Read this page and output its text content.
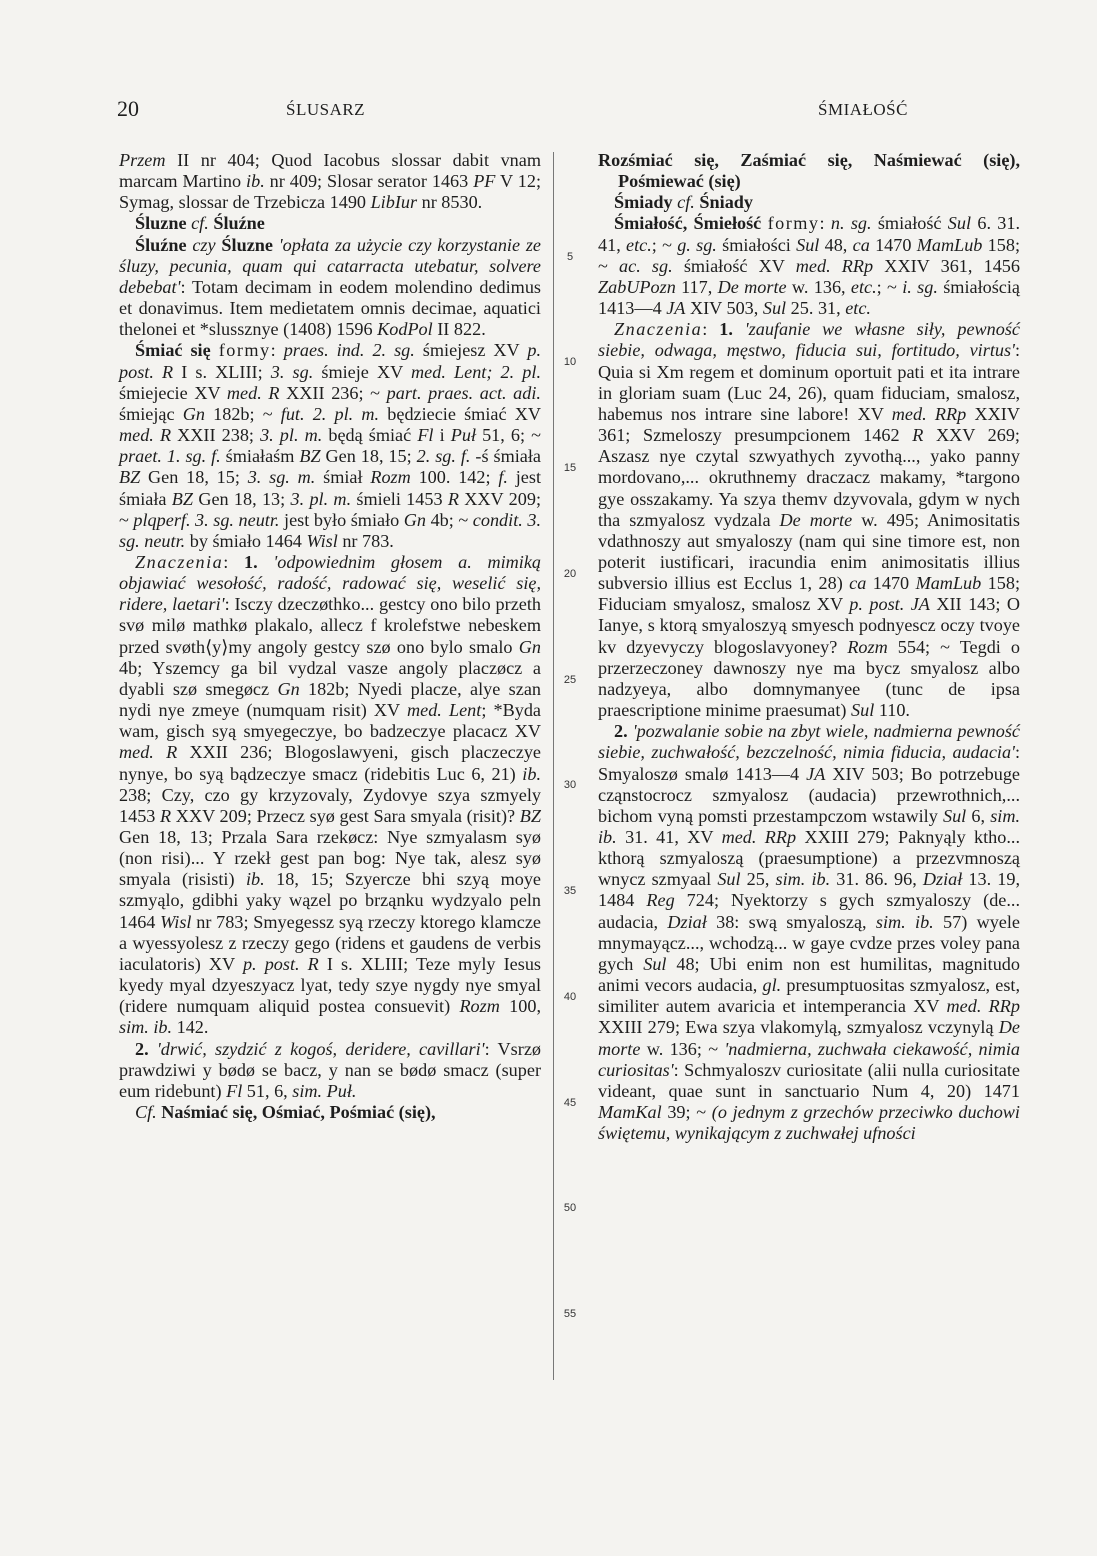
20	ŚLUSARZ	ŚMIAŁOŚĆ

Przem II nr 404; Quod Iacobus slossar dabit vnam marcam Martino ib. nr 409; Slosar serator 1463 PF V 12; Symag, slossar de Trzebicza 1490 LibIur nr 8530.

Śluzne cf. Śluźne

Śluźne czy Śluzne 'opłata za użycie czy korzystanie ze śluzy, pecunia, quam qui catarracta utebatur, solvere debebat': Totam decimam in eodem molendino dedimus et donavimus. Item medietatem omnis decimae, aquatici thelonei et *slussznye (1408) 1596 KodPol II 822.

Śmiać się formy: praes. ind. 2. sg. śmiejesz XV p. post. R I s. XLIII; 3. sg. śmieje XV med. Lent; 2. pl. śmiejecie XV med. R XXII 236; ~ part. praes. act. adi. śmiejąc Gn 182b; ~ fut. 2. pl. m. będziecie śmiać XV med. R XXII 238; 3. pl. m. będą śmiać Fl i Puł 51, 6; ~ praet. 1. sg. f. śmiałaśm BZ Gen 18, 15; 2. sg. f. -ś śmiała BZ Gen 18, 15; 3. sg. m. śmiał Rozm 100. 142; f. jest śmiała BZ Gen 18, 13; 3. pl. m. śmieli 1453 R XXV 209; ~ plqperf. 3. sg. neutr. jest było śmiało Gn 4b; ~ condit. 3. sg. neutr. by śmiało 1464 Wisl nr 783.

Znaczenia: 1. 'odpowiednim głosem a. mimiką objawiać wesołość, radość, radować się, weselić się, ridere, laetari': Isczy dzeczøthko... gestcy ono bilo przeth svø milø mathkø plakalo, allecz f krolefstwe nebeskem przed svøth⟨y⟩my angoly gestcy szø ono bylo smalo Gn 4b; Yszemcy ga bil vydzal vasze angoly placzøcz a dyabli szø smegøcz Gn 182b; Nyedi placze, alye szan nydi nye zmeye (numquam risit) XV med. Lent; *Byda wam, gisch syą smyegeczye, bo badzeczye placacz XV med. R XXII 236; Blogoslawyeni, gisch placzeczye nynye, bo syą bądzeczye smacz (ridebitis Luc 6, 21) ib. 238; Czy, czo gy krzyzovaly, Zydovye szya szmyely 1453 R XXV 209; Przecz syø gest Sara smyala (risit)? BZ Gen 18, 13; Przala Sara rzekøcz: Nye szmyalasm syø (non risi)... Y rzekł gest pan bog: Nye tak, alesz syø smyala (risisti) ib. 18, 15; Szyercze bhi szyą moye szmyąlo, gdibhi yaky wązel po brząnku wydzyalo peln 1464 Wisl nr 783; Smyegessz syą rzeczy ktorego klamcze a wyessyolesz z rzeczy gego (ridens et gaudens de verbis iaculatoris) XV p. post. R I s. XLIII; Teze myly Iesus kyedy myal dzyeszyacz lyat, tedy szye nygdy nye smyal (ridere numquam aliquid postea consuevit) Rozm 100, sim. ib. 142.

2. 'drwić, szydzić z kogoś, deridere, cavillari': Vsrzø prawdziwi y bødø se bacz, y nan se bødø smacz (super eum ridebunt) Fl 51, 6, sim. Puł.

Cf. Naśmiać się, Ośmiać, Pośmiać (się),

5
10
15
20
25
30
35
40
45
50
55

Rozśmiać się, Zaśmiać się, Naśmiewać (się), Pośmiewać (się)

Śmiady cf. Śniady

Śmiałość, Śmiełość formy: n. sg. śmiałość Sul 6. 31. 41, etc.; ~ g. sg. śmiałości Sul 48, ca 1470 MamLub 158; ~ ac. sg. śmiałość XV med. RRp XXIV 361, 1456 ZabUPozn 117, De morte w. 136, etc.; ~ i. sg. śmiałością 1413—4 JA XIV 503, Sul 25. 31, etc.

Znaczenia: 1. 'zaufanie we własne siły, pewność siebie, odwaga, męstwo, fiducia sui, fortitudo, virtus': Quia si Xm regem et dominum oportuit pati et ita intrare in gloriam suam (Luc 24, 26), quam fiduciam, smalosz, habemus nos intrare sine labore! XV med. RRp XXIV 361; Szmeloszy presumpcionem 1462 R XXV 269; Aszasz nye czytal szwyathych zyvothą..., yako panny mordovano,... okruthnemy draczacz makamy, *targono gye osszakamy. Ya szya themv dzyvovala, gdym w nych tha szmyalosz vydzala De morte w. 495; Animositatis vdathnoszy aut smyaloszy (nam qui sine timore est, non poterit iustificari, iracundia enim animositatis illius subversio illius est Ecclus 1, 28) ca 1470 MamLub 158; Fiduciam smyalosz, smalosz XV p. post. JA XII 143; O Ianye, s ktorą smyaloszyą smyesch podnyescz oczy tvoye kv dzyevyczy blogoslavyoney? Rozm 554; ~ Tegdi o przerzeczoney dawnoszy nye ma bycz smyalosz albo nadzyeya, albo domnymanyee (tunc de ipsa praescriptione minime praesumat) Sul 110.

2. 'pozwalanie sobie na zbyt wiele, nadmierna pewność siebie, zuchwałość, bezczelność, nimia fiducia, audacia': Smyaloszø smalø 1413—4 JA XIV 503; Bo potrzebuge cząnstocrocz szmyalosz (audacia) przewrothnich,... bichom vyną pomsti przestampczom wstawily Sul 6, sim. ib. 31. 41, XV med. RRp XXIII 279; Paknyąly ktho... kthorą szmyaloszą (praesumptione) a przezvmnoszą wnycz szmyaal Sul 25, sim. ib. 31. 86. 96, Dział 13. 19, 1484 Reg 724; Nyektorzy s gych szmyaloszy (de... audacia, Dział 38: swą smyaloszą, sim. ib. 57) wyele mnymayącz..., wchodzą... w gaye cvdze przes voley pana gych Sul 48; Ubi enim non est humilitas, magnitudo animi vecors audacia, gl. presumptuositas szmyalosz, est, similiter autem avaricia et intemperancia XV med. RRp XXIII 279; Ewa szya vlakomylą, szmyalosz vczynylą De morte w. 136; ~ 'nadmierna, zuchwała ciekawość, nimia curiositas': Schmyaloszv curiositate (alii nulla curiositate videant, quae sunt in sanctuario Num 4, 20) 1471 MamKal 39; ~ (o jednym z grzechów przeciwko duchowi świętemu, wynikającym z zuchwałej ufności
